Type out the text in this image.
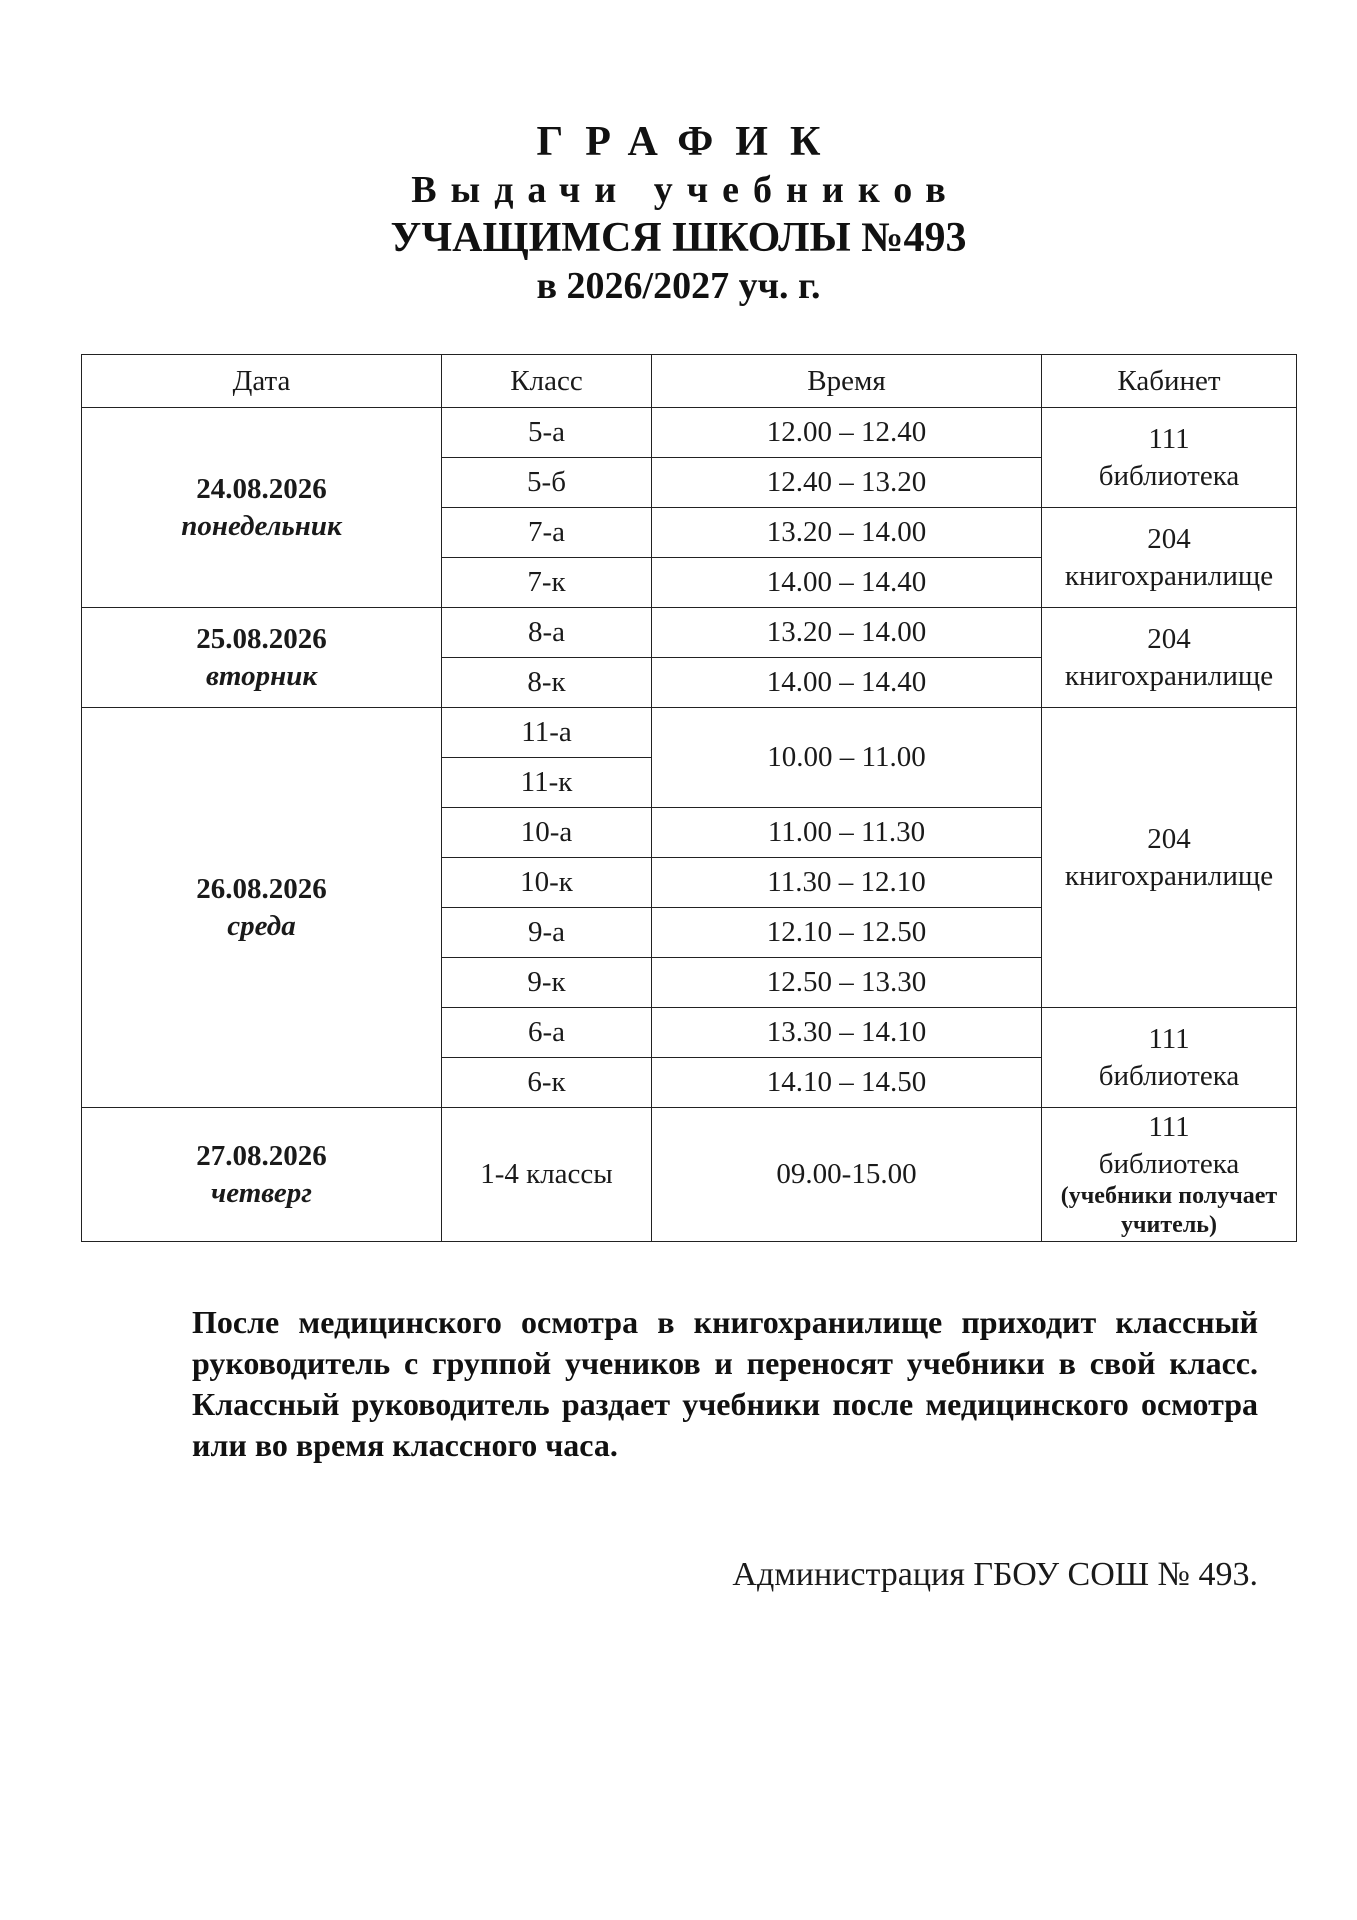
ГРАФИК
Выдачи учебников
УЧАЩИМСЯ ШКОЛЫ №493
в 2026/2027 уч. г.
Дата	Класс	Время	Кабинет

24.08.2026
понедельник	5-а	12.00 – 12.40	111
библиотека

	5-б	12.40 – 13.20	
	7-а	13.20 – 14.00	204
книгохранилище

	7-к	14.00 – 14.40	

25.08.2026
вторник	8-а	13.20 – 14.00	204
книгохранилище

	8-к	14.00 – 14.40	

26.08.2026
среда	11-а	10.00 – 11.00	204
книгохранилище

	11-к		
	10-а	11.00 – 11.30	
	10-к	11.30 – 12.10	
	9-а	12.10 – 12.50	
	9-к	12.50 – 13.30	
	6-а	13.30 – 14.10	111
библиотека

	6-к	14.10 – 14.50	

27.08.2026
четверг	1-4 классы	09.00-15.00	111
библиотека
(учебники получает учитель)
После медицинского осмотра в книгохранилище приходит классный руководитель с группой учеников и переносят учебники в свой класс. Классный руководитель раздает учебники после медицинского осмотра или во время классного часа.
Администрация ГБОУ СОШ № 493.
